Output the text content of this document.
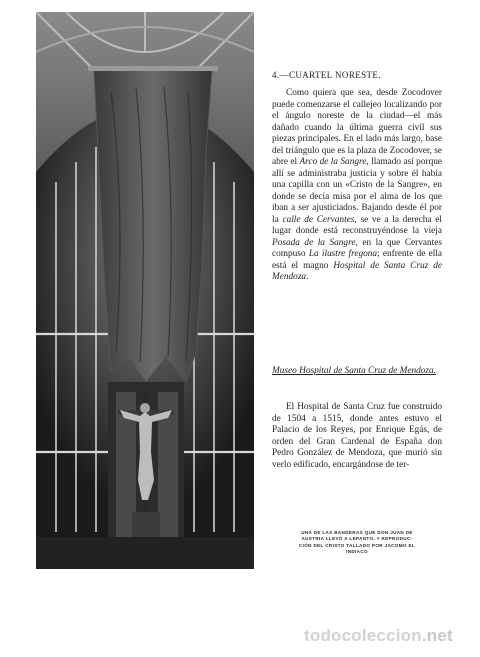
UNA DE LAS BANDERAS QUE DON JUAN DE
AUSTRIA LLEVÓ A LEPANTO, Y REPRODUC-
CIÓN DEL CRISTO TALLADO POR JACOMO EL
INDIACO
4.—CUARTEL NORESTE.
Como quiera que sea, desde Zocodover puede comenzarse el callejeo localizando por el ángulo noreste de la ciudad—el más dañado cuando la última guerra civil sus piezas principales. En el lado más largo, base del triángulo que es la plaza de Zocodover, se abre el Arco de la Sangre, llamado así porque allí se administraba justicia y sobre él había una capilla con un «Cristo de la Sangre», en donde se decía misa por el alma de los que iban a ser ajusticiados. Bajando desde él por la calle de Cervantes, se ve a la derecha el lugar donde está reconstruyéndose la vieja Posada de la Sangre, en la que Cervantes compuso La ilustre fregona; enfrente de ella está el magno Hospital de Santa Cruz de Mendoza.
Museo Hospital de Santa Cruz de Mendoza.
El Hospital de Santa Cruz fue construido de 1504 a 1515, donde antes estuvo el Palacio de los Reyes, por Enrique Egás, de orden del Gran Cardenal de España don Pedro González de Mendoza, que murió sin verlo edificado, encargándose de ter-
todocoleccion.net
